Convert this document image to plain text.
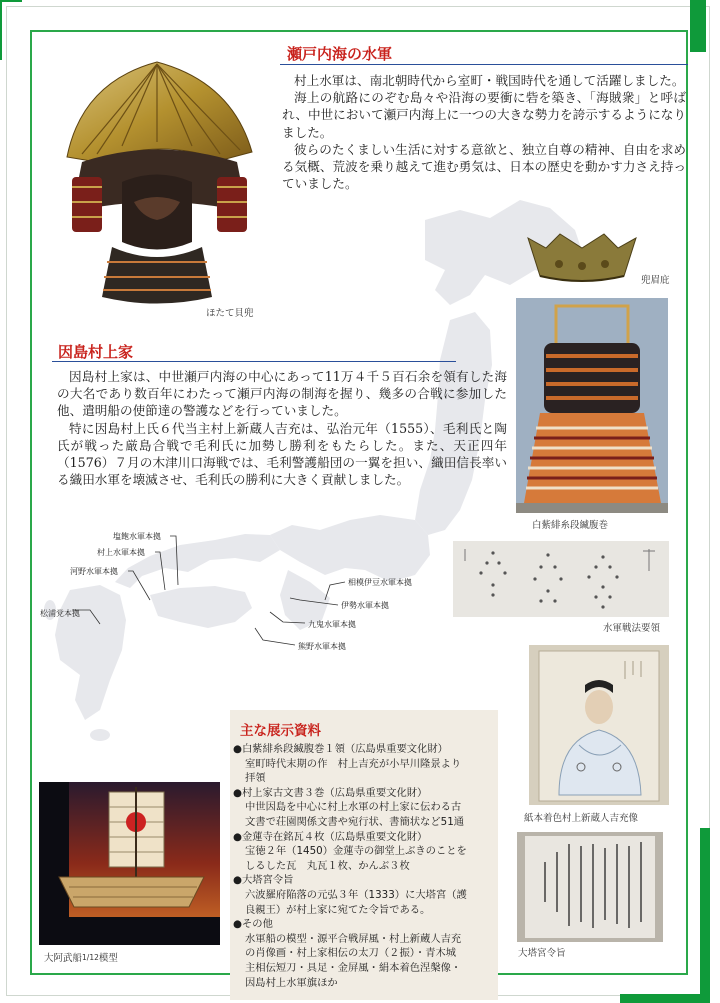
瀬戸内海の水軍

村上水軍は、南北朝時代から室町・戦国時代を通して活躍しました。

海上の航路にのぞむ島々や沿海の要衝に砦を築き、「海賊衆」と呼ばれ、中世において瀬戸内海上に一つの大きな勢力を誇示するようになりました。

彼らのたくましい生活に対する意欲と、独立自尊の精神、自由を求める気概、荒波を乗り越えて進む勇気は、日本の歴史を動かす力さえ持っていました。

ほたて貝兜
兜眉庇
白紫緋糸段縅腹巻
因島村上家

因島村上家は、中世瀬戸内海の中心にあって11万４千５百石余を領有した海の大名であり数百年にわたって瀬戸内海の制海を握り、幾多の合戦に参加した他、遣明船の使節達の警護などを行っていました。

特に因島村上氏６代当主村上新蔵人吉充は、弘治元年（1555）、毛利氏と陶氏が戦った厳島合戦で毛利氏に加勢し勝利をもたらした。また、天正四年（1576）７月の木津川口海戦では、毛利警護船団の一翼を担い、織田信長率いる織田水軍を壊滅させ、毛利氏の勝利に大きく貢献しました。

塩飽水軍本拠
村上水軍本拠
河野水軍本拠
松浦党本拠
相模伊豆水軍本拠
伊勢水軍本拠
九鬼水軍本拠
熊野水軍本拠
水軍戦法要領
紙本着色村上新蔵人吉充像
大塔宮令旨
大阿武船1/12模型
主な展示資料
●白紫緋糸段縅腹巻１領（広島県重要文化財）
室町時代末期の作　村上吉充が小早川隆景より
拝領
●村上家古文書３巻（広島県重要文化財）
中世因島を中心に村上水軍の村上家に伝わる古
文書で荘園関係文書や宛行状、書簡状など51通
●金蓮寺在銘瓦４枚（広島県重要文化財）
宝徳２年（1450）金蓮寺の御堂上ぶきのことを
しるした瓦　丸瓦１枚、かんぶ３枚
●大塔宮令旨
六波羅府陥落の元弘３年（1333）に大塔宮（護
良親王）が村上家に宛てた令旨である。
●その他
水軍船の模型・源平合戦屏風・村上新蔵人吉充
の肖像画・村上家相伝の太刀（２振）・青木城
主相伝短刀・具足・金屏風・絹本着色涅槃像・
因島村上水軍旗ほか
